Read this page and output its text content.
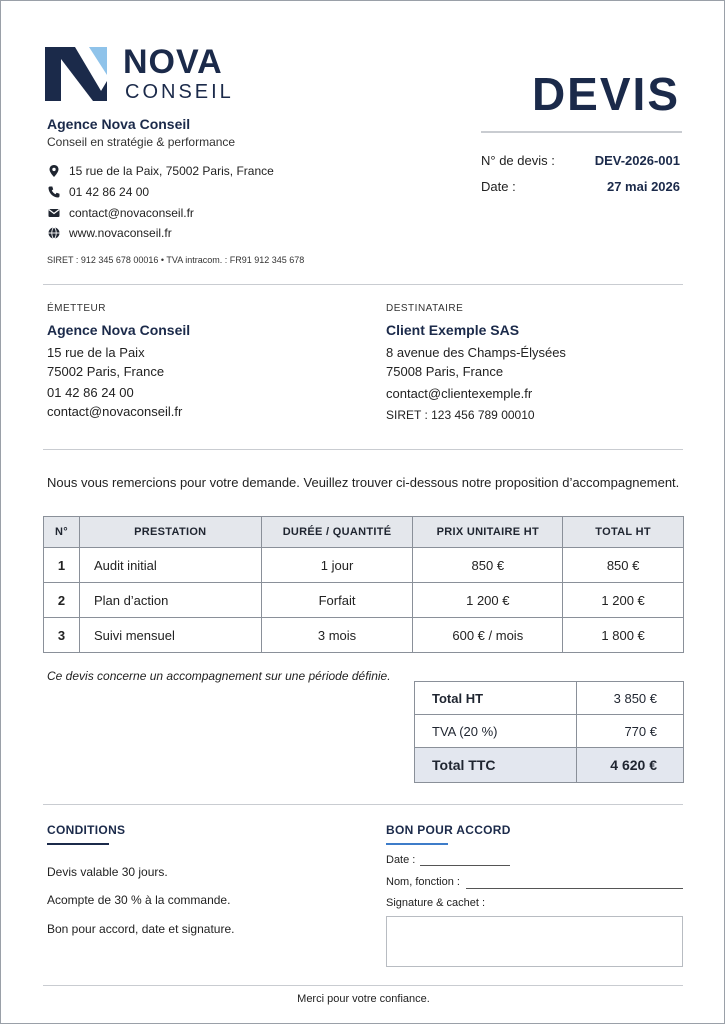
NOVA
CONSEIL	DEVIS
Agence Nova Conseil
Conseil en stratégie & performance
15 rue de la Paix, 75002 Paris, France
01 42 86 24 00
contact@novaconseil.fr
www.novaconseil.fr
SIRET : 912 345 678 00016 • TVA intracom. : FR91 912 345 678
N° de devis :	DEV-2026-001
Date :	27 mai 2026
ÉMETTEUR
Agence Nova Conseil
15 rue de la Paix
75002 Paris, France
01 42 86 24 00
contact@novaconseil.fr
DESTINATAIRE
Client Exemple SAS
8 avenue des Champs-Élysées
75008 Paris, France
contact@clientexemple.fr
SIRET : 123 456 789 00010
Nous vous remercions pour votre demande. Veuillez trouver ci-dessous notre proposition d’accompagnement.
N°	PRESTATION	DURÉE / QUANTITÉ	PRIX UNITAIRE HT	TOTAL HT
1	Audit initial	1 jour	850 €	850 €
2	Plan d’action	Forfait	1 200 €	1 200 €
3	Suivi mensuel	3 mois	600 € / mois	1 800 €
Ce devis concerne un accompagnement sur une période définie.
Total HT	3 850 €
TVA (20 %)	770 €
Total TTC	4 620 €
CONDITIONS
Devis valable 30 jours.
Acompte de 30 % à la commande.
Bon pour accord, date et signature.
BON POUR ACCORD
Date :
Nom, fonction :
Signature & cachet :
Merci pour votre confiance.
